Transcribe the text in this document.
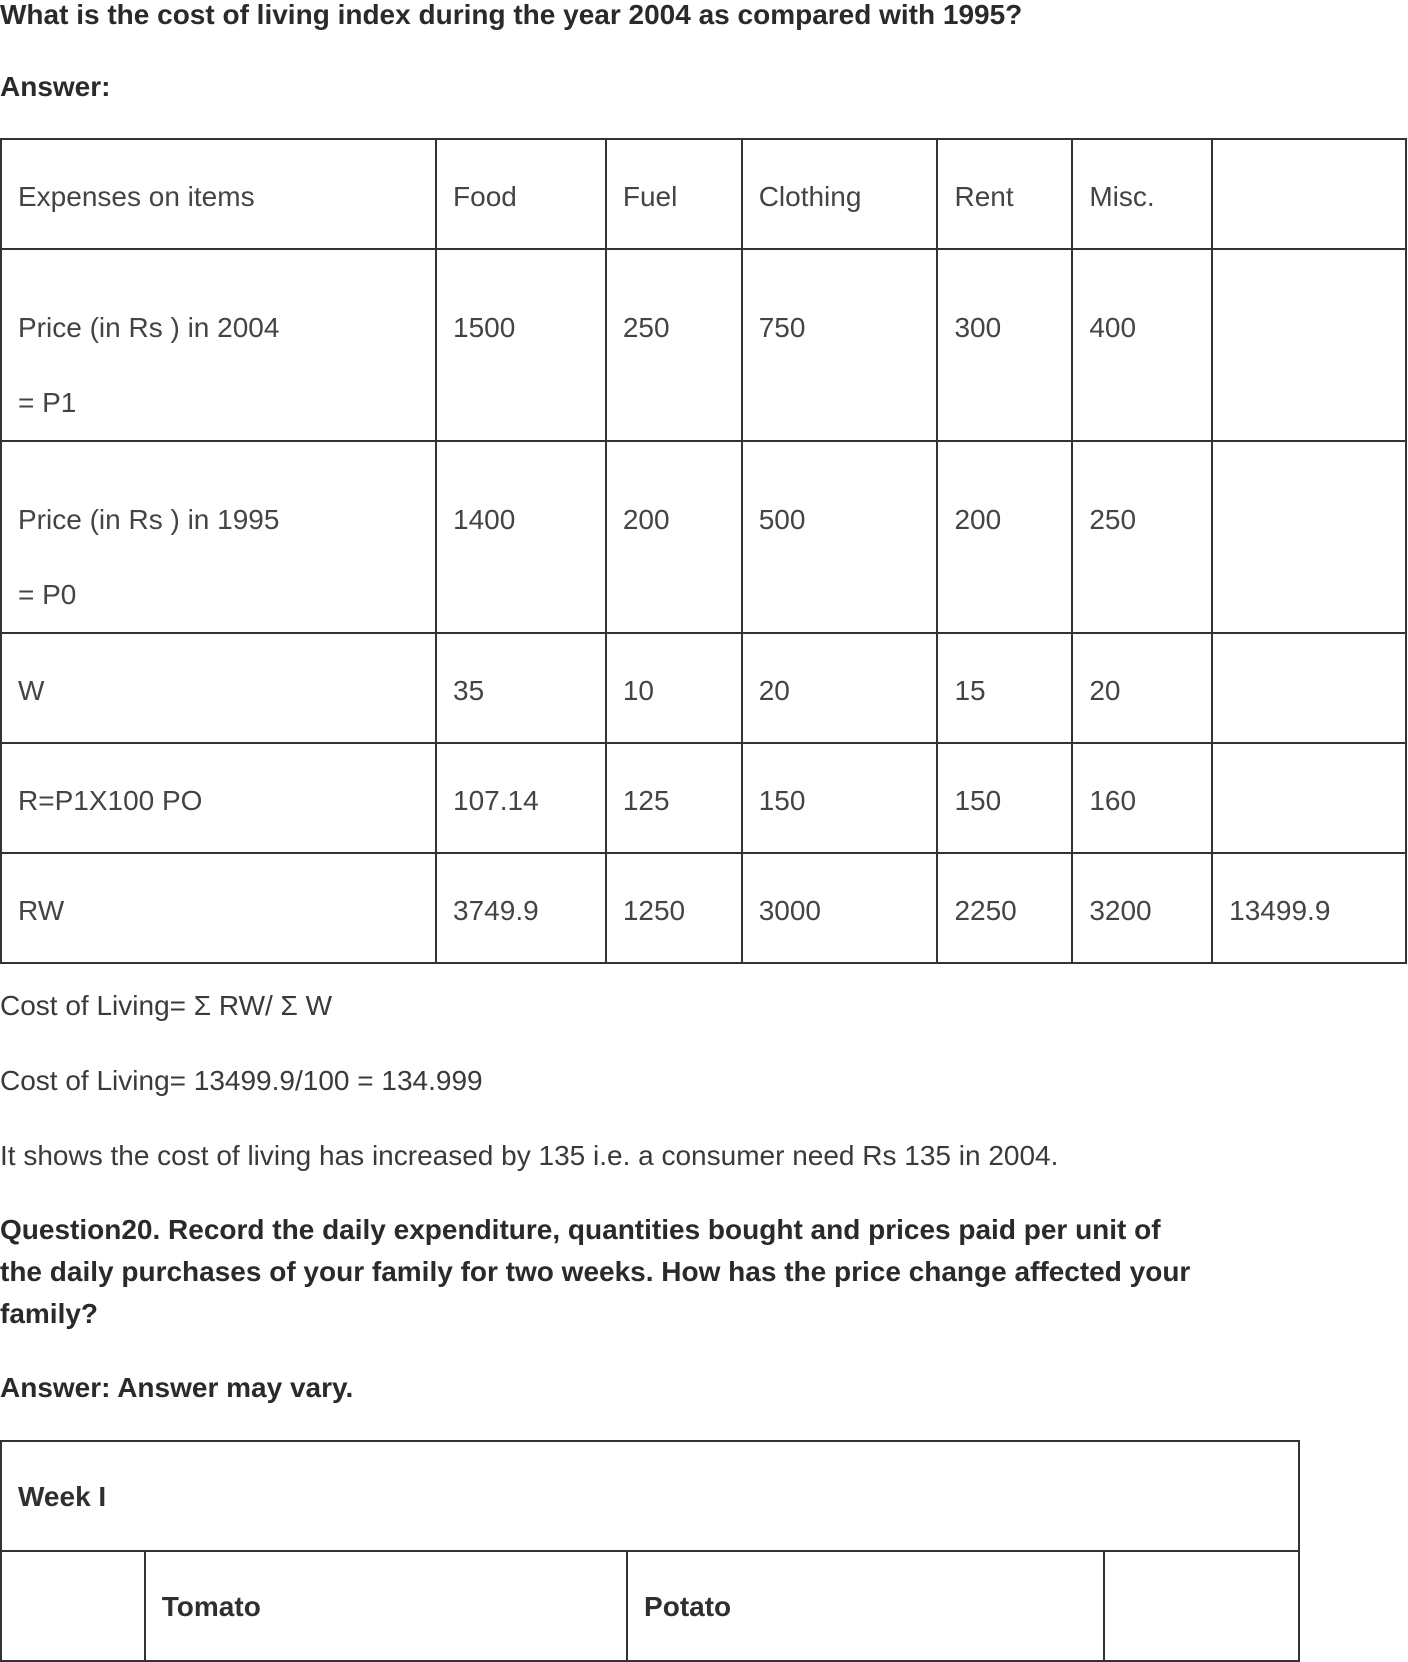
What is the cost of living index during the year 2004 as compared with 1995?

Answer:

Expenses on items	Food	Fuel	Clothing	Rent	Misc.	

Price (in Rs ) in 2004
= P1	1500	250	750	300	400	

Price (in Rs ) in 1995
= P0	1400	200	500	200	250	
W	35	10	20	15	20	
R=P1X100 PO	107.14	125	150	150	160	
RW	3749.9	1250	3000	2250	3200	13499.9

Cost of Living= Σ RW/ Σ W

Cost of Living= 13499.9/100 = 134.999

It shows the cost of living has increased by 135 i.e. a consumer need Rs 135 in 2004.

Question20. Record the daily expenditure, quantities bought and prices paid per unit of
the daily purchases of your family for two weeks. How has the price change affected your
family?

Answer: Answer may vary.

Week I
	Tomato	Potato	
